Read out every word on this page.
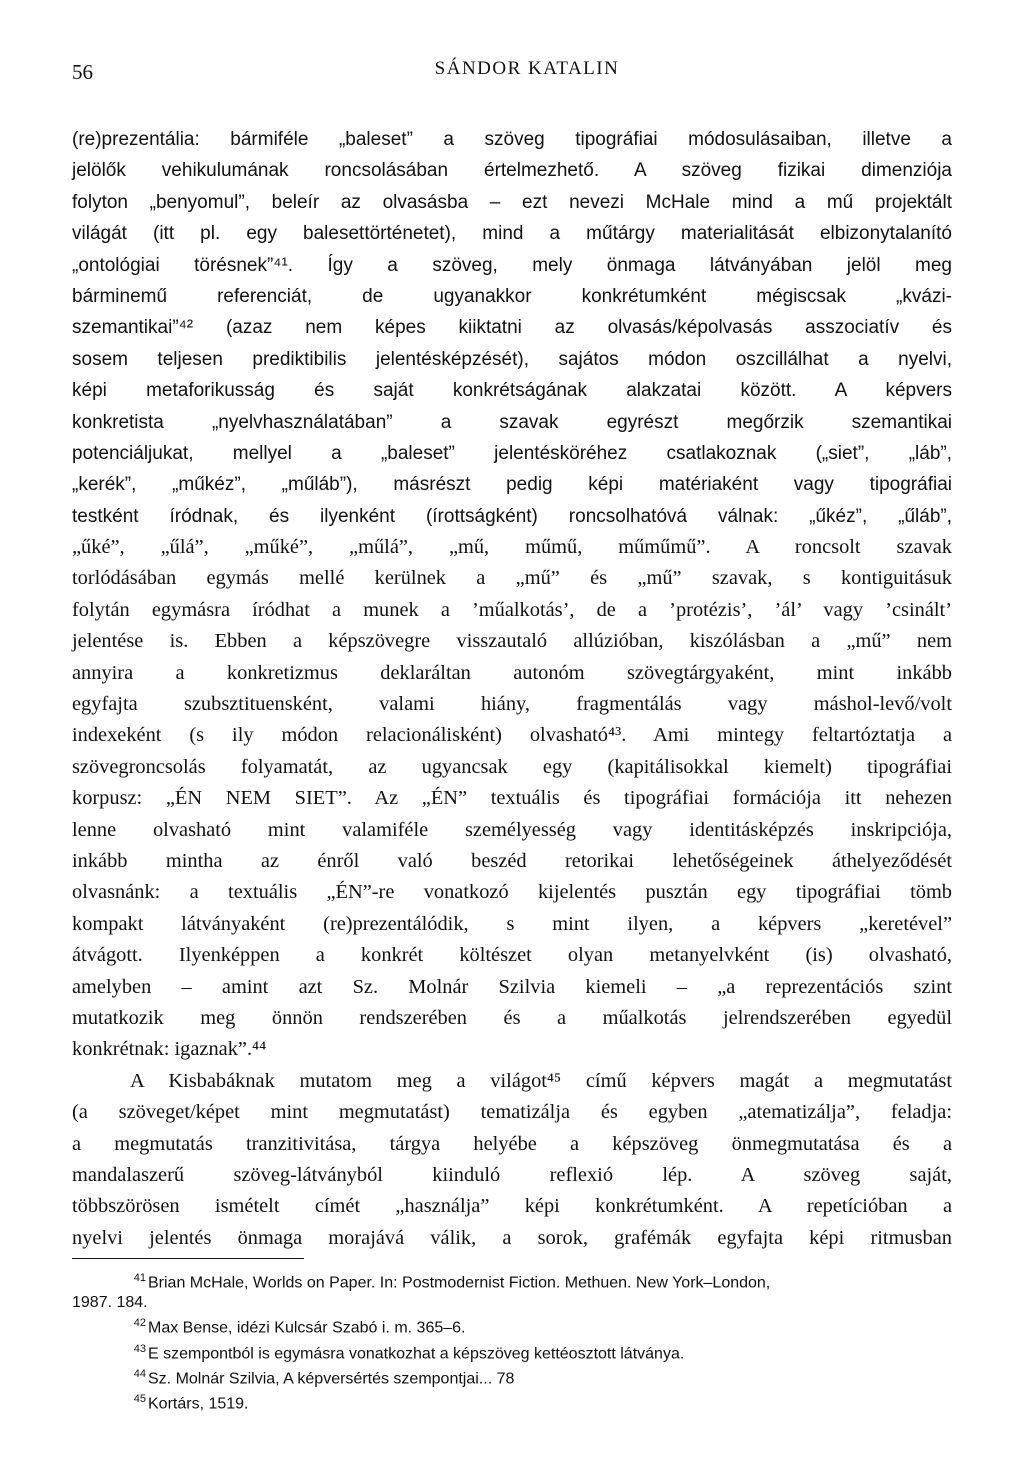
56	SÁNDOR KATALIN
(re)prezentália: bármiféle „baleset” a szöveg tipográfiai módosulásaiban, illetve a
jelölők vehikulumának roncsolásában értelmezhető. A szöveg fizikai dimenziója
folyton „benyomul”, beleír az olvasásba – ezt nevezi McHale mind a mű projektált
világát (itt pl. egy balesettörténetet), mind a műtárgy materialitását elbizonytalanító
„ontológiai törésnek”⁴¹. Így a szöveg, mely önmaga látványában jelöl meg
bárminemű referenciát, de ugyanakkor konkrétumként mégiscsak „kvázi-
szemantikai”⁴² (azaz nem képes kiiktatni az olvasás/képolvasás asszociatív és
sosem teljesen prediktibilis jelentésképzését), sajátos módon oszcillálhat a nyelvi,
képi metaforikusság és saját konkrétságának alakzatai között. A képvers
konkretista „nyelvhasználatában” a szavak egyrészt megőrzik szemantikai
potenciáljukat, mellyel a „baleset” jelentésköréhez csatlakoznak („siet”, „láb”,
„kerék”, „műkéz”, „műláb”), másrészt pedig képi matériaként vagy tipográfiai
testként íródnak, és ilyenként (írottságként) roncsolhatóvá válnak: „űkéz”, „űláb”,
„űké”, „űlá”, „műké”, „műlá”, „mű, műmű, műműmű”. A roncsolt szavak
torlódásában egymás mellé kerülnek a „mű” és „mű” szavak, s kontiguitásuk
folytán egymásra íródhat a munek a ’műalkotás’, de a ’protézis’, ’ál’ vagy ’csinált’
jelentése is. Ebben a képszövegre visszautaló allúzióban, kiszólásban a „mű” nem
annyira a konkretizmus deklaráltan autonóm szövegtárgyaként, mint inkább
egyfajta szubsztituensként, valami hiány, fragmentálás vagy máshol-levő/volt
indexeként (s ily módon relacionálisként) olvasható⁴³. Ami mintegy feltartóztatja a
szövegroncsolás folyamatát, az ugyancsak egy (kapitálisokkal kiemelt) tipográfiai
korpusz: „ÉN NEM SIET”. Az „ÉN” textuális és tipográfiai formációja itt nehezen
lenne olvasható mint valamiféle személyesség vagy identitásképzés inskripciója,
inkább mintha az énről való beszéd retorikai lehetőségeinek áthelyeződését
olvasnánk: a textuális „ÉN”-re vonatkozó kijelentés pusztán egy tipográfiai tömb
kompakt látványaként (re)prezentálódik, s mint ilyen, a képvers „keretével”
átvágott. Ilyenképpen a konkrét költészet olyan metanyelvként (is) olvasható,
amelyben – amint azt Sz. Molnár Szilvia kiemeli – „a reprezentációs szint
mutatkozik meg önnön rendszerében és a műalkotás jelrendszerében egyedül
konkrétnak: igaznak”.⁴⁴
A Kisbabáknak mutatom meg a világot⁴⁵ című képvers magát a megmutatást
(a szöveget/képet mint megmutatást) tematizálja és egyben „atematizálja”, feladja:
a megmutatás tranzitivitása, tárgya helyébe a képszöveg önmegmutatása és a
mandalaszerű szöveg-látványból kiinduló reflexió lép. A szöveg saját,
többszörösen ismételt címét „használja” képi konkrétumként. A repetícióban a
nyelvi jelentés önmaga morajává válik, a sorok, grafémák egyfajta képi ritmusban
41 Brian McHale, Worlds on Paper. In: Postmodernist Fiction. Methuen. New York–London,
1987. 184.
42 Max Bense, idézi Kulcsár Szabó i. m. 365–6.
43 E szempontból is egymásra vonatkozhat a képszöveg kettéosztott látványa.
44 Sz. Molnár Szilvia, A képversértés szempontjai... 78
45 Kortárs, 1519.
